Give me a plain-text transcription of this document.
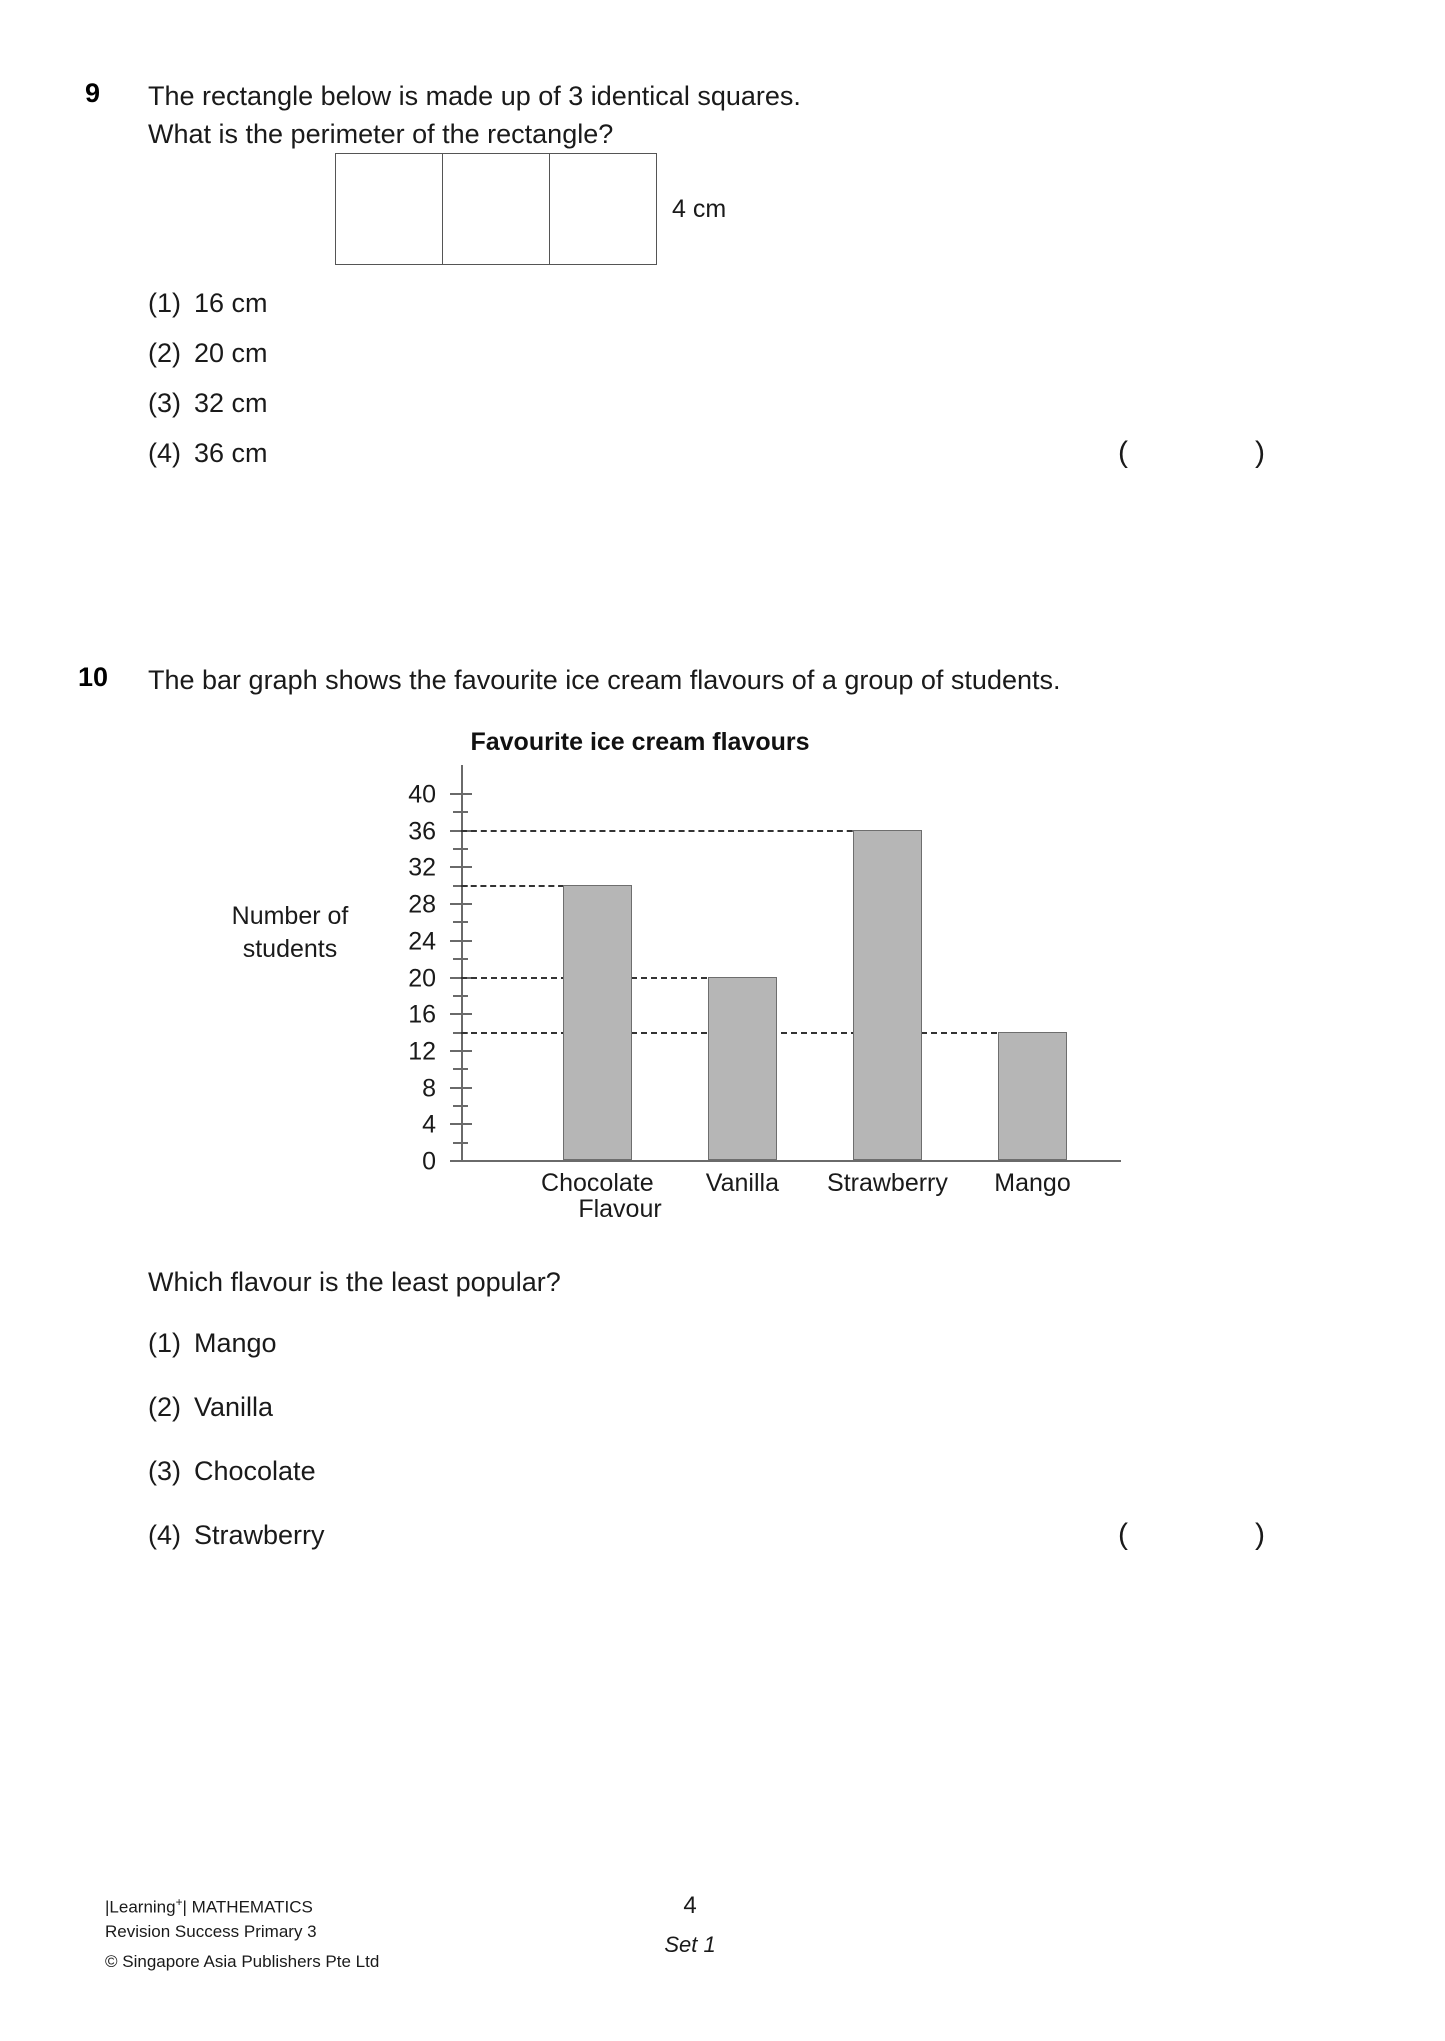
9 The rectangle below is made up of 3 identical squares.
What is the perimeter of the rectangle?
4 cm
(1) 16 cm
(2) 20 cm
(3) 32 cm
(4) 36 cm	(	)
10 The bar graph shows the favourite ice cream flavours of a group of students.
Favourite ice cream flavours
Number of
students
0
4
8
12
16
20
24
28
32
36
40
Chocolate Vanilla Strawberry Mango
Flavour
Which flavour is the least popular?
(1) Mango
(2) Vanilla
(3) Chocolate
(4) Strawberry	(	)
|Learning+| MATHEMATICS
Revision Success Primary 3
© Singapore Asia Publishers Pte Ltd
4
Set 1
